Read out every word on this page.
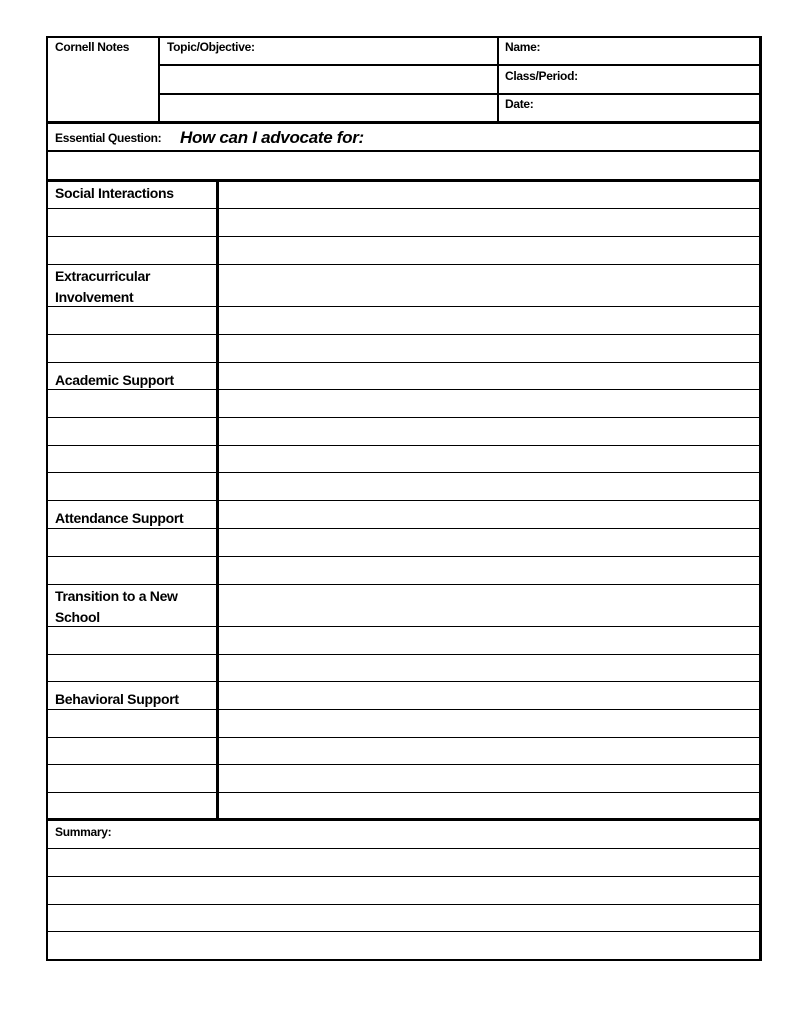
Cornell Notes	Topic/Objective:	Name:
Class/Period:
Date:
Essential Question: How can I advocate for:
Social Interactions
Extracurricular Involvement
Academic Support
Attendance Support
Transition to a New School
Behavioral Support
Summary:
